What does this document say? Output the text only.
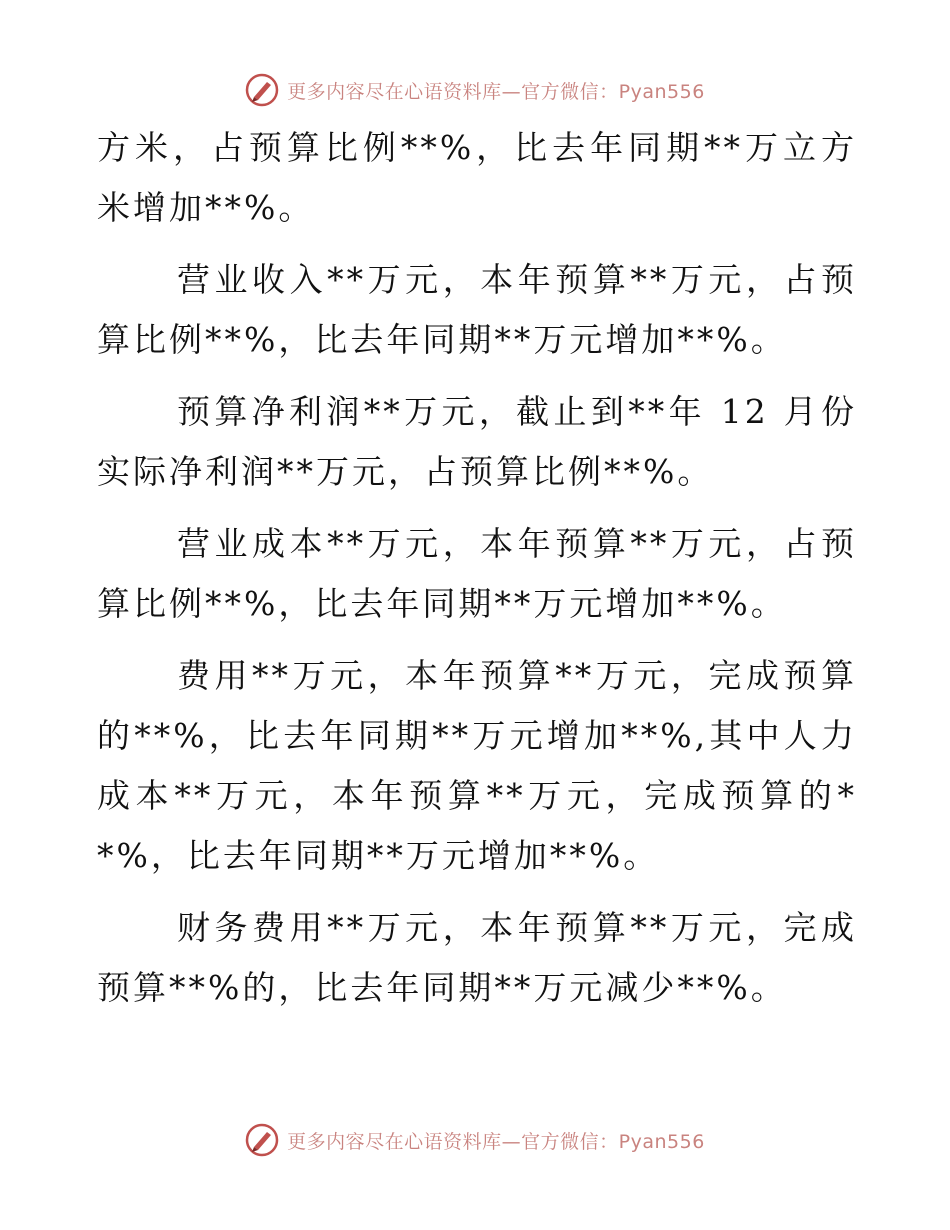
更多内容尽在心语资料库—官方微信：Pyan556

方米，占预算比例**%，比去年同期**万立方米增加**%。

营业收入**万元，本年预算**万元，占预算比例**%，比去年同期**万元增加**%。

预算净利润**万元，截止到**年 12 月份实际净利润**万元，占预算比例**%。

营业成本**万元，本年预算**万元，占预算比例**%，比去年同期**万元增加**%。

费用**万元，本年预算**万元，完成预算的**%，比去年同期**万元增加**%,其中人力成本**万元，本年预算**万元，完成预算的**%，比去年同期**万元增加**%。

财务费用**万元，本年预算**万元，完成预算**%的，比去年同期**万元减少**%。

更多内容尽在心语资料库—官方微信：Pyan556
